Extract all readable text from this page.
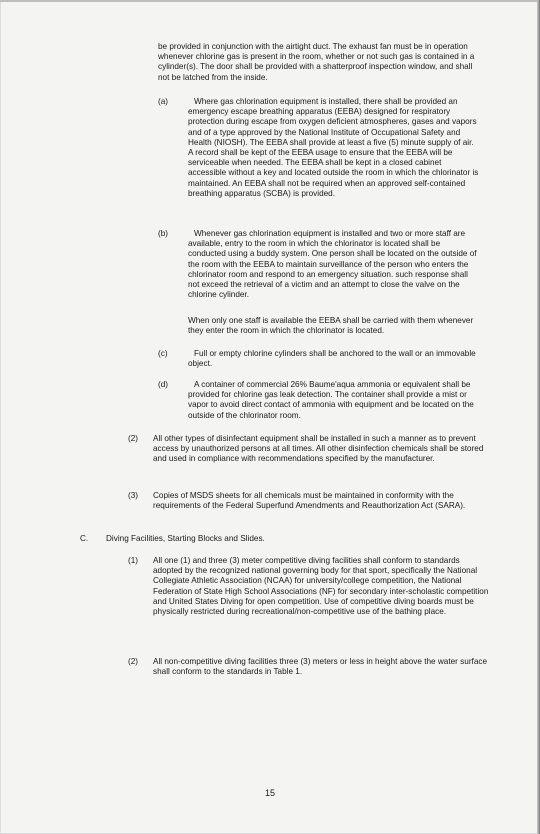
be provided in conjunction with the airtight duct. The exhaust fan must be in operation whenever chlorine gas is present in the room, whether or not such gas is contained in a cylinder(s). The door shall be provided with a shatterproof inspection window, and shall not be latched from the inside.

(a)	Where gas chlorination equipment is installed, there shall be provided an emergency escape breathing apparatus (EEBA) designed for respiratory protection during escape from oxygen deficient atmospheres, gases and vapors and of a type approved by the National Institute of Occupational Safety and Health (NIOSH). The EEBA shall provide at least a five (5) minute supply of air. A record shall be kept of the EEBA usage to ensure that the EEBA will be serviceable when needed. The EEBA shall be kept in a closed cabinet accessible without a key and located outside the room in which the chlorinator is maintained. An EEBA shall not be required when an approved self-contained breathing apparatus (SCBA) is provided.

(b)	Whenever gas chlorination equipment is installed and two or more staff are available, entry to the room in which the chlorinator is located shall be conducted using a buddy system. One person shall be located on the outside of the room with the EEBA to maintain surveillance of the person who enters the chlorinator room and respond to an emergency situation. such response shall not exceed the retrieval of a victim and an attempt to close the valve on the chlorine cylinder.

When only one staff is available the EEBA shall be carried with them whenever they enter the room in which the chlorinator is located.

(c)	Full or empty chlorine cylinders shall be anchored to the wall or an immovable object.

(d)	A container of commercial 26% Baume'aqua ammonia or equivalent shall be provided for chlorine gas leak detection. The container shall provide a mist or vapor to avoid direct contact of ammonia with equipment and be located on the outside of the chlorinator room.

(2) All other types of disinfectant equipment shall be installed in such a manner as to prevent access by unauthorized persons at all times. All other disinfection chemicals shall be stored and used in compliance with recommendations specified by the manufacturer.

(3) Copies of MSDS sheets for all chemicals must be maintained in conformity with the requirements of the Federal Superfund Amendments and Reauthorization Act (SARA).

C. Diving Facilities, Starting Blocks and Slides.
(1) All one (1) and three (3) meter competitive diving facilities shall conform to standards adopted by the recognized national governing body for that sport, specifically the National Collegiate Athletic Association (NCAA) for university/college competition, the National Federation of State High School Associations (NF) for secondary inter-scholastic competition and United States Diving for open competition. Use of competitive diving boards must be physically restricted during recreational/non-competitive use of the bathing place.

(2) All non-competitive diving facilities three (3) meters or less in height above the water surface shall conform to the standards in Table 1.

15
